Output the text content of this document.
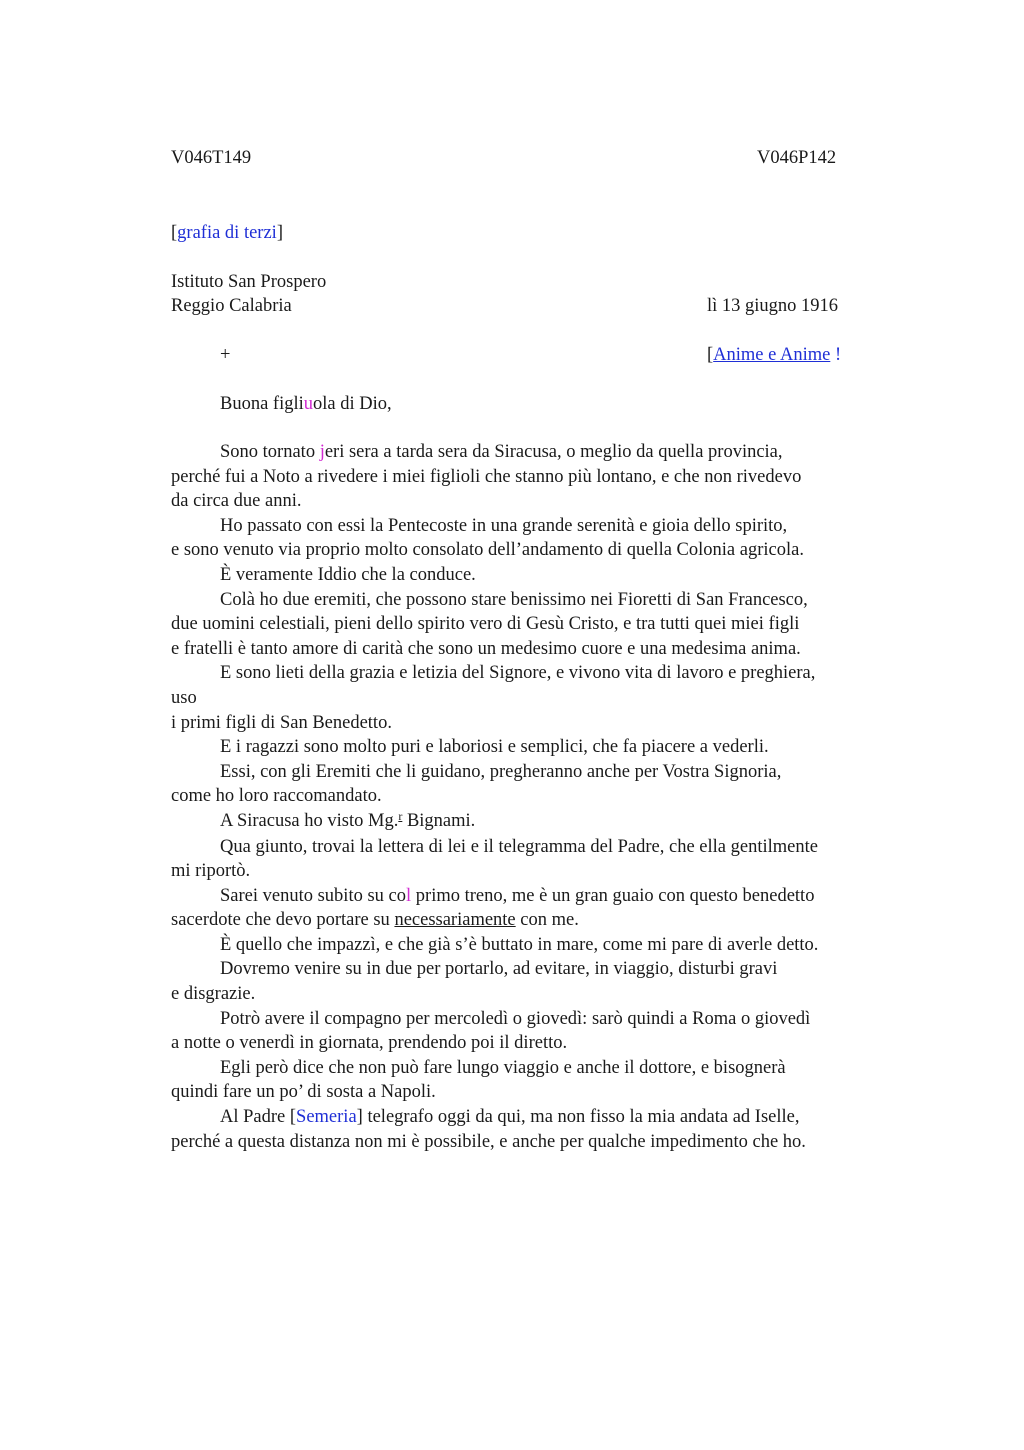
V046T149	V046P142
[grafia di terzi]
Istituto San Prospero
Reggio Calabria	lì 13 giugno 1916
+	[Anime e Anime !
Buona figliuola di Dio,
Sono tornato jeri sera a tarda sera da Siracusa, o meglio da quella provincia,
perché fui a Noto a rivedere i miei figlioli che stanno più lontano, e che non rivedevo
da circa due anni.
Ho passato con essi la Pentecoste in una grande serenità e gioia dello spirito,
e sono venuto via proprio molto consolato dell’andamento di quella Colonia agricola.
È veramente Iddio che la conduce.
Colà ho due eremiti, che possono stare benissimo nei Fioretti di San Francesco,
due uomini celestiali, pieni dello spirito vero di Gesù Cristo, e tra tutti quei miei figli
e fratelli è tanto amore di carità che sono un medesimo cuore e una medesima anima.
E sono lieti della grazia e letizia del Signore, e vivono vita di lavoro e preghiera,
uso
i primi figli di San Benedetto.
E i ragazzi sono molto puri e laboriosi e semplici, che fa piacere a vederli.
Essi, con gli Eremiti che li guidano, pregheranno anche per Vostra Signoria,
come ho loro raccomandato.
A Siracusa ho visto Mg.$^r$ Bignami.
Qua giunto, trovai la lettera di lei e il telegramma del Padre, che ella gentilmente
mi riportò.
Sarei venuto subito su col primo treno, me è un gran guaio con questo benedetto
sacerdote che devo portare su necessariamente con me.
È quello che impazzì, e che già s’è buttato in mare, come mi pare di averle detto.
Dovremo venire su in due per portarlo, ad evitare, in viaggio, disturbi gravi
e disgrazie.
Potrò avere il compagno per mercoledì o giovedì: sarò quindi a Roma o giovedì
a notte o venerdì in giornata, prendendo poi il diretto.
Egli però dice che non può fare lungo viaggio e anche il dottore, e bisognerà
quindi fare un po’ di sosta a Napoli.
Al Padre [Semeria] telegrafo oggi da qui, ma non fisso la mia andata ad Iselle,
perché a questa distanza non mi è possibile, e anche per qualche impedimento che ho.
